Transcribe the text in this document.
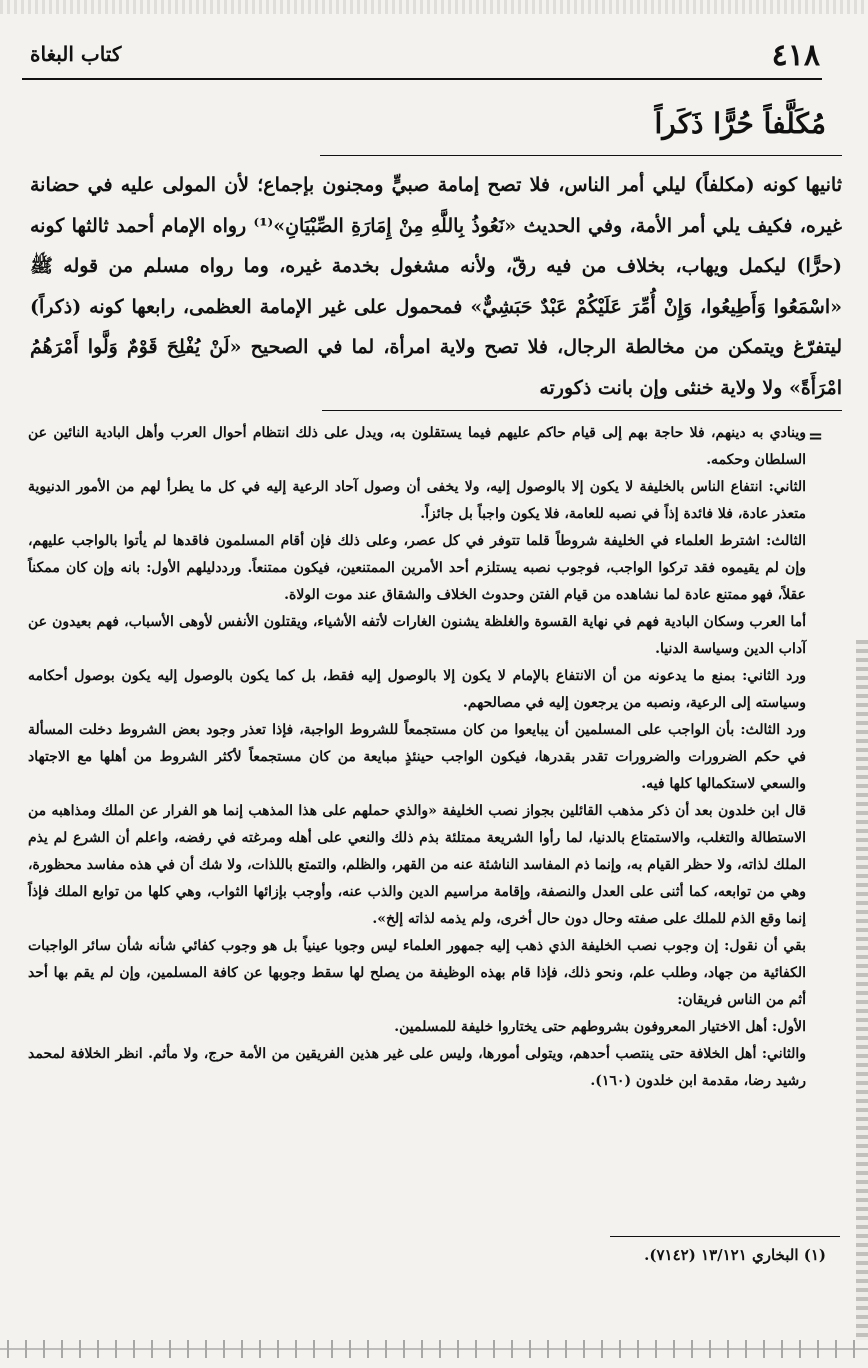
٤١٨
كتاب البغاة
مُكَلَّفاً حُرًّا ذَكَراً

ثانيها كونه (مكلفاً) ليلي أمر الناس، فلا تصح إمامة صبيٍّ ومجنون بإجماع؛ لأن المولى عليه في حضانة غيره، فكيف يلي أمر الأمة، وفي الحديث «نَعُوذُ بِاللَّهِ مِنْ إِمَارَةِ الصِّبْيَانِ»⁽¹⁾ رواه الإمام أحمد ثالثها كونه (حرًّا) ليكمل ويهاب، بخلاف من فيه رقّ، ولأنه مشغول بخدمة غيره، وما رواه مسلم من قوله ﷺ «اسْمَعُوا وَأَطِيعُوا، وَإِنْ أُمِّرَ عَلَيْكُمْ عَبْدٌ حَبَشِيٌّ» فمحمول على غير الإمامة العظمى، رابعها كونه (ذكراً) ليتفرّغ ويتمكن من مخالطة الرجال، فلا تصح ولاية امرأة، لما في الصحيح «لَنْ يُفْلِحَ قَوْمٌ وَلَّوا أَمْرَهُمُ امْرَأَةً» ولا ولاية خنثى وإن بانت ذكورته

=

وينادي به دينهم، فلا حاجة بهم إلى قيام حاكم عليهم فيما يستقلون به، ويدل على ذلك انتظام أحوال العرب وأهل البادية النائين عن السلطان وحكمه.

الثاني: انتفاع الناس بالخليفة لا يكون إلا بالوصول إليه، ولا يخفى أن وصول آحاد الرعية إليه في كل ما يطرأ لهم من الأمور الدنيوية متعذر عادة، فلا فائدة إذاً في نصبه للعامة، فلا يكون واجباً بل جائزاً.

الثالث: اشترط العلماء في الخليفة شروطاً قلما تتوفر في كل عصر، وعلى ذلك فإن أقام المسلمون فاقدها لم يأتوا بالواجب عليهم، وإن لم يقيموه فقد تركوا الواجب، فوجوب نصبه يستلزم أحد الأمرين الممتنعين، فيكون ممتنعاً. ورددليلهم الأول: بانه وإن كان ممكناً عقلاً، فهو ممتنع عادة لما نشاهده من قيام الفتن وحدوث الخلاف والشقاق عند موت الولاة.

أما العرب وسكان البادية فهم في نهاية القسوة والغلظة يشنون الغارات لأتفه الأشياء، ويقتلون الأنفس لأوهى الأسباب، فهم بعيدون عن آداب الدين وسياسة الدنيا.

ورد الثاني: بمنع ما يدعونه من أن الانتفاع بالإمام لا يكون إلا بالوصول إليه فقط، بل كما يكون بالوصول إليه يكون بوصول أحكامه وسياسته إلى الرعية، ونصبه من يرجعون إليه في مصالحهم.

ورد الثالث: بأن الواجب على المسلمين أن يبايعوا من كان مستجمعاً للشروط الواجبة، فإذا تعذر وجود بعض الشروط دخلت المسألة في حكم الضرورات والضرورات تقدر بقدرها، فيكون الواجب حينئذٍ مبايعة من كان مستجمعاً لأكثر الشروط من أهلها مع الاجتهاد والسعي لاستكمالها كلها فيه.

قال ابن خلدون بعد أن ذكر مذهب القائلين بجواز نصب الخليفة «والذي حملهم على هذا المذهب إنما هو الفرار عن الملك ومذاهبه من الاستطالة والتغلب، والاستمتاع بالدنيا، لما رأوا الشريعة ممتلئة بذم ذلك والنعي على أهله ومرغته في رفضه، واعلم أن الشرع لم يذم الملك لذاته، ولا حظر القيام به، وإنما ذم المفاسد الناشئة عنه من القهر، والظلم، والتمتع باللذات، ولا شك أن في هذه مفاسد محظورة، وهي من توابعه، كما أثنى على العدل والنصفة، وإقامة مراسيم الدين والذب عنه، وأوجب بإزائها الثواب، وهي كلها من توابع الملك فإذاً إنما وقع الذم للملك على صفته وحال دون حال أخرى، ولم يذمه لذاته إلخ».

بقي أن نقول: إن وجوب نصب الخليفة الذي ذهب إليه جمهور العلماء ليس وجوبا عينياً بل هو وجوب كفائي شأنه شأن سائر الواجبات الكفائية من جهاد، وطلب علم، ونحو ذلك، فإذا قام بهذه الوظيفة من يصلح لها سقط وجوبها عن كافة المسلمين، وإن لم يقم بها أحد أثم من الناس فريقان:

الأول: أهل الاختيار المعروفون بشروطهم حتى يختاروا خليفة للمسلمين.

والثاني: أهل الخلافة حتى ينتصب أحدهم، ويتولى أمورها، وليس على غير هذين الفريقين من الأمة حرج، ولا مأثم. انظر الخلافة لمحمد رشيد رضا، مقدمة ابن خلدون (١٦٠).

(١) البخاري ١٣/١٢١ (٧١٤٢).
